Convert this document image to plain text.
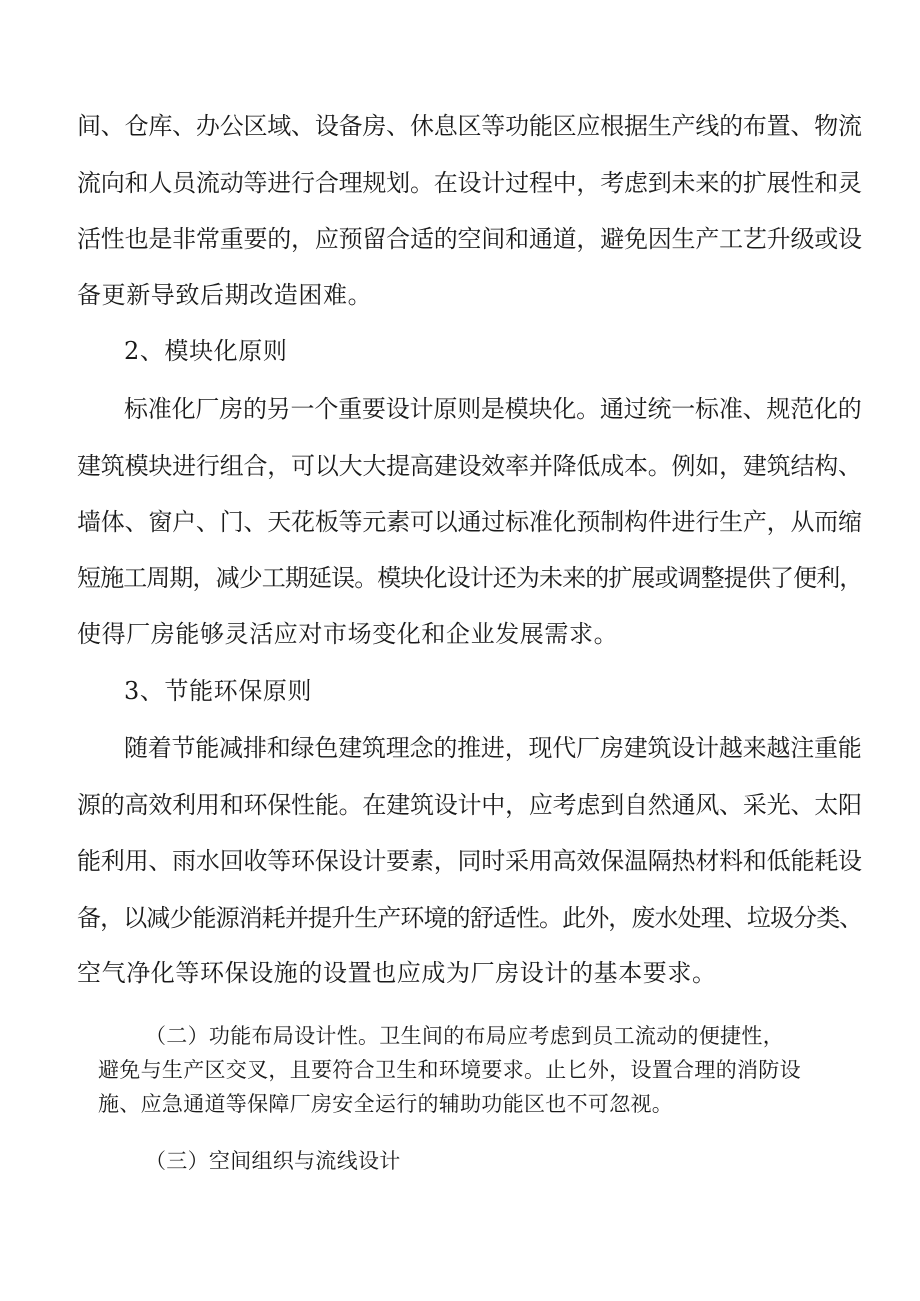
间、仓库、办公区域、设备房、休息区等功能区应根据生产线的布置、物流
流向和人员流动等进行合理规划。在设计过程中，考虑到未来的扩展性和灵
活性也是非常重要的，应预留合适的空间和通道，避免因生产工艺升级或设
备更新导致后期改造困难。
2、模块化原则
标准化厂房的另一个重要设计原则是模块化。通过统一标准、规范化的
建筑模块进行组合，可以大大提高建设效率并降低成本。例如，建筑结构、
墙体、窗户、门、天花板等元素可以通过标准化预制构件进行生产，从而缩
短施工周期，减少工期延误。模块化设计还为未来的扩展或调整提供了便利，
使得厂房能够灵活应对市场变化和企业发展需求。
3、节能环保原则
随着节能减排和绿色建筑理念的推进，现代厂房建筑设计越来越注重能
源的高效利用和环保性能。在建筑设计中，应考虑到自然通风、采光、太阳
能利用、雨水回收等环保设计要素，同时采用高效保温隔热材料和低能耗设
备，以减少能源消耗并提升生产环境的舒适性。此外，废水处理、垃圾分类、
空气净化等环保设施的设置也应成为厂房设计的基本要求。
（二）功能布局设计性。卫生间的布局应考虑到员工流动的便捷性，
避免与生产区交叉，且要符合卫生和环境要求。止匕外，设置合理的消防设
施、应急通道等保障厂房安全运行的辅助功能区也不可忽视。
（三）空间组织与流线设计
